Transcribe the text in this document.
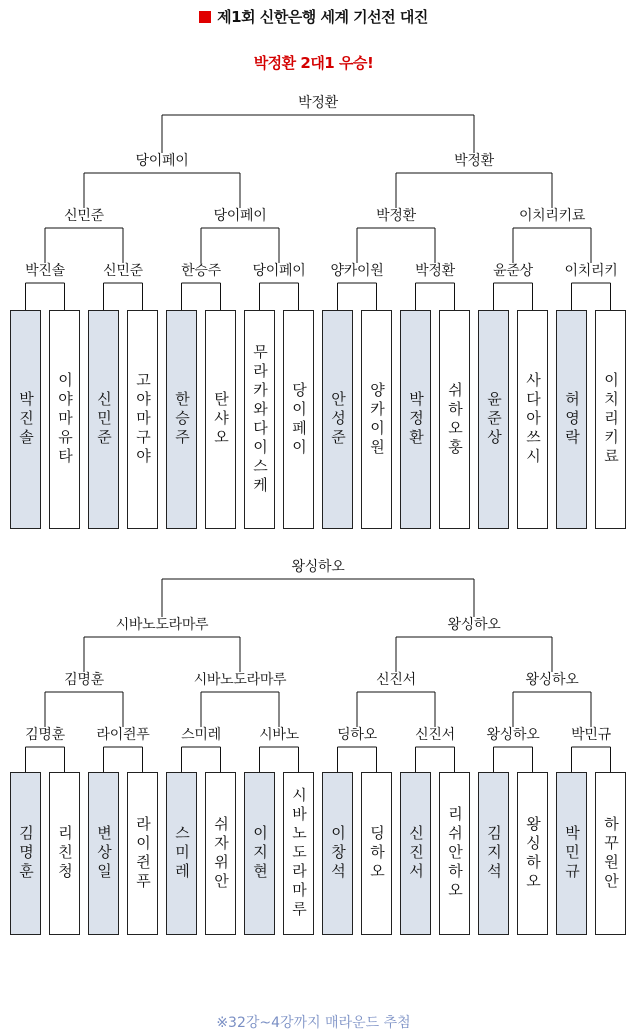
제1회 신한은행 세계 기선전 대진
박정환 2대1 우승!
박정환
당이페이	박정환
신민준	당이페이	박정환	이치리키료
박진솔	신민준	한승주 당이페이 양카이원 박정환	윤준상 이치리키
박진솔 이야마유타 신민준 고야마구야 한승주 탄샤오 무라카와다이스케 당이페이 안성준 양카이원 박정환 쉬하오훙 윤준상 사다아쓰시 허영락 이치리키료
왕싱하오
시바노도라마루	왕싱하오
김명훈	시바노도라마루	신진서	왕싱하오
김명훈 라이쥔푸 스미레	시바노	딩하오	신진서 왕싱하오 박민규
김명훈 리친청 변상일 라이쥔푸 스미레 쉬자위안 이지현 시바노도라마루 이창석 딩하오 신진서 리쉬안하오 김지석 왕싱하오 박민규 하꾸원안
※32강~4강까지 매라운드 추첨
